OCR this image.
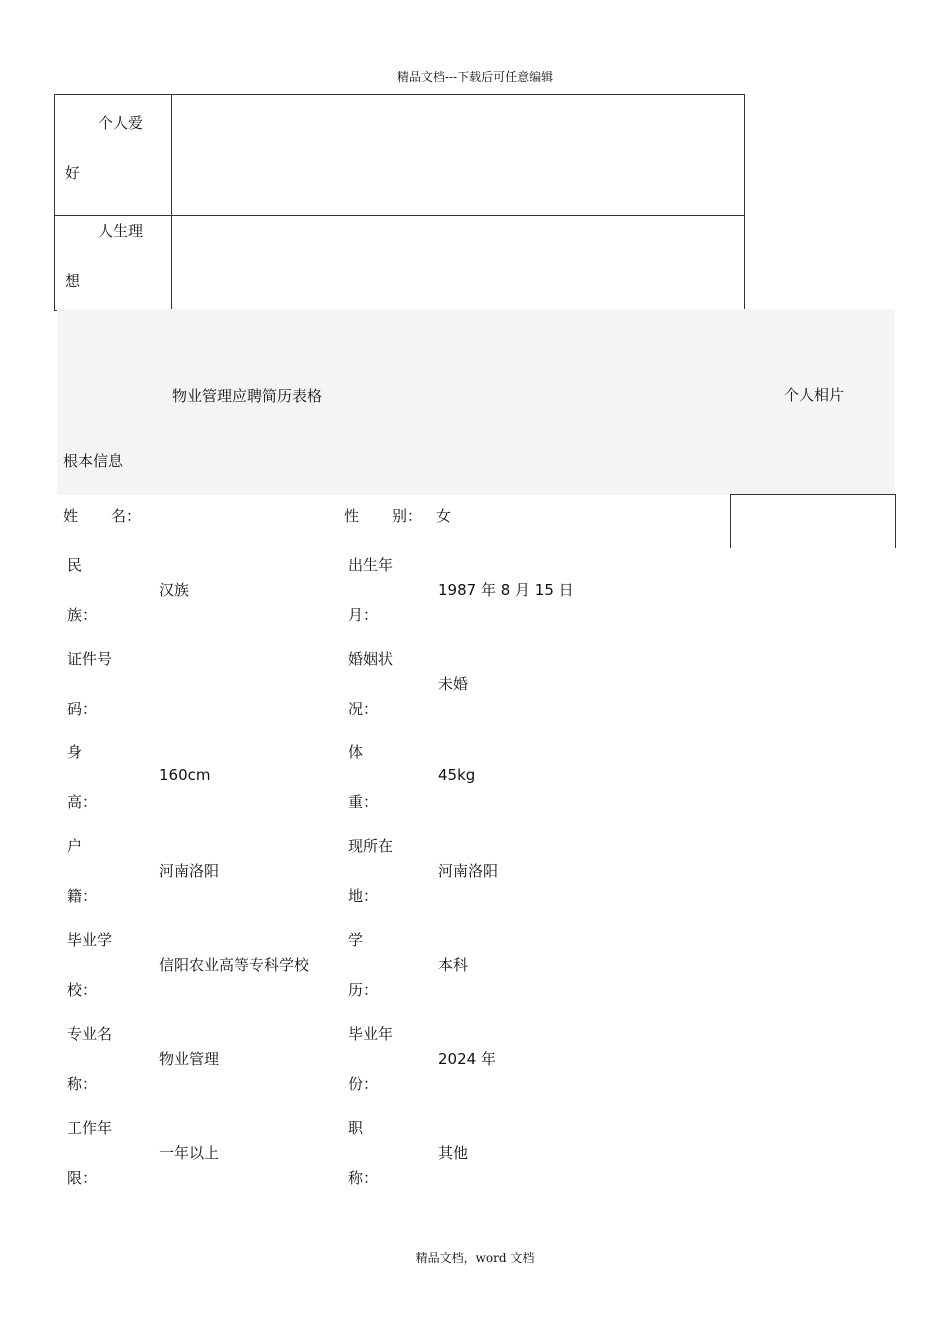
精品文档---下载后可任意编辑
个人爱
好
人生理
想
物业管理应聘简历表格	个人相片
根本信息
姓 名：	性 别： 女
民
族：
汉族
出生年
月：
1987 年 8 月 15 日
证件号
码：
婚姻状
况：
未婚
身
高：
160cm
体
重：
45kg
户
籍：
河南洛阳
现所在
地：
河南洛阳
毕业学
校：
信阳农业高等专科学校
学
历：
本科
专业名
称：
物业管理
毕业年
份：
2024 年
工作年
限：
一年以上
职
称：
其他
精品文档，word 文档
